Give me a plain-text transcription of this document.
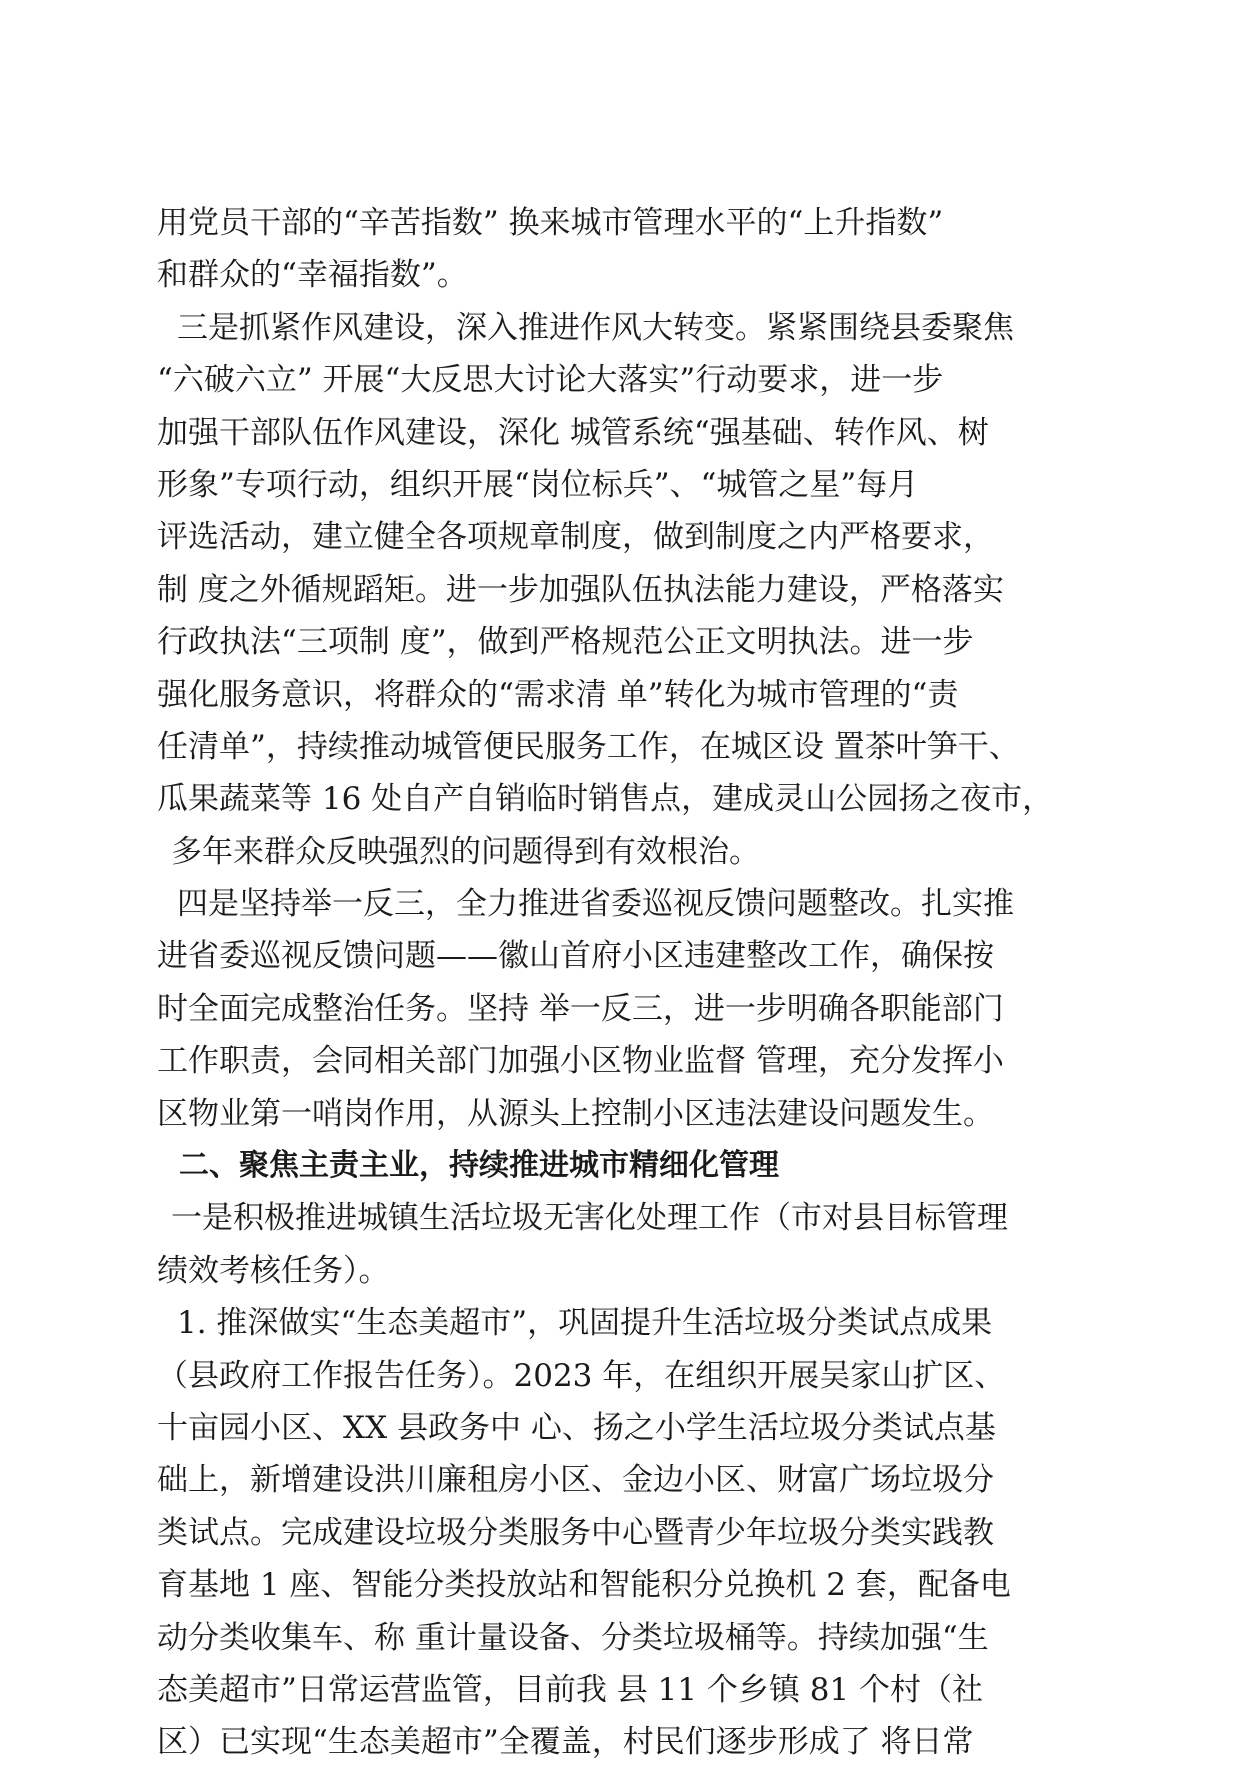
用党员干部的“辛苦指数” 换来城市管理水平的“上升指数”
和群众的“幸福指数”。
三是抓紧作风建设，深入推进作风大转变。紧紧围绕县委聚焦
“六破六立” 开展“大反思大讨论大落实”行动要求，进一步
加强干部队伍作风建设，深化 城管系统“强基础、转作风、树
形象”专项行动，组织开展“岗位标兵”、“城管之星”每月
评选活动，建立健全各项规章制度，做到制度之内严格要求，
制 度之外循规蹈矩。进一步加强队伍执法能力建设，严格落实
行政执法“三项制 度”，做到严格规范公正文明执法。进一步
强化服务意识，将群众的“需求清 单”转化为城市管理的“责
任清单”，持续推动城管便民服务工作，在城区设 置茶叶笋干、
瓜果蔬菜等 16 处自产自销临时销售点，建成灵山公园扬之夜市，
多年来群众反映强烈的问题得到有效根治。
四是坚持举一反三，全力推进省委巡视反馈问题整改。扎实推
进省委巡视反馈问题——徽山首府小区违建整改工作，确保按
时全面完成整治任务。坚持 举一反三，进一步明确各职能部门
工作职责，会同相关部门加强小区物业监督 管理，充分发挥小
区物业第一哨岗作用，从源头上控制小区违法建设问题发生。
二、聚焦主责主业，持续推进城市精细化管理
一是积极推进城镇生活垃圾无害化处理工作（市对县目标管理
绩效考核任务）。
1. 推深做实“生态美超市”，巩固提升生活垃圾分类试点成果
（县政府工作报告任务）。2023 年，在组织开展吴家山扩区、
十亩园小区、XX 县政务中 心、扬之小学生活垃圾分类试点基
础上，新增建设洪川廉租房小区、金边小区、财富广场垃圾分
类试点。完成建设垃圾分类服务中心暨青少年垃圾分类实践教
育基地 1 座、智能分类投放站和智能积分兑换机 2 套，配备电
动分类收集车、称 重计量设备、分类垃圾桶等。持续加强“生
态美超市”日常运营监管，目前我 县 11 个乡镇 81 个村（社
区）已实现“生态美超市”全覆盖，村民们逐步形成了 将日常
